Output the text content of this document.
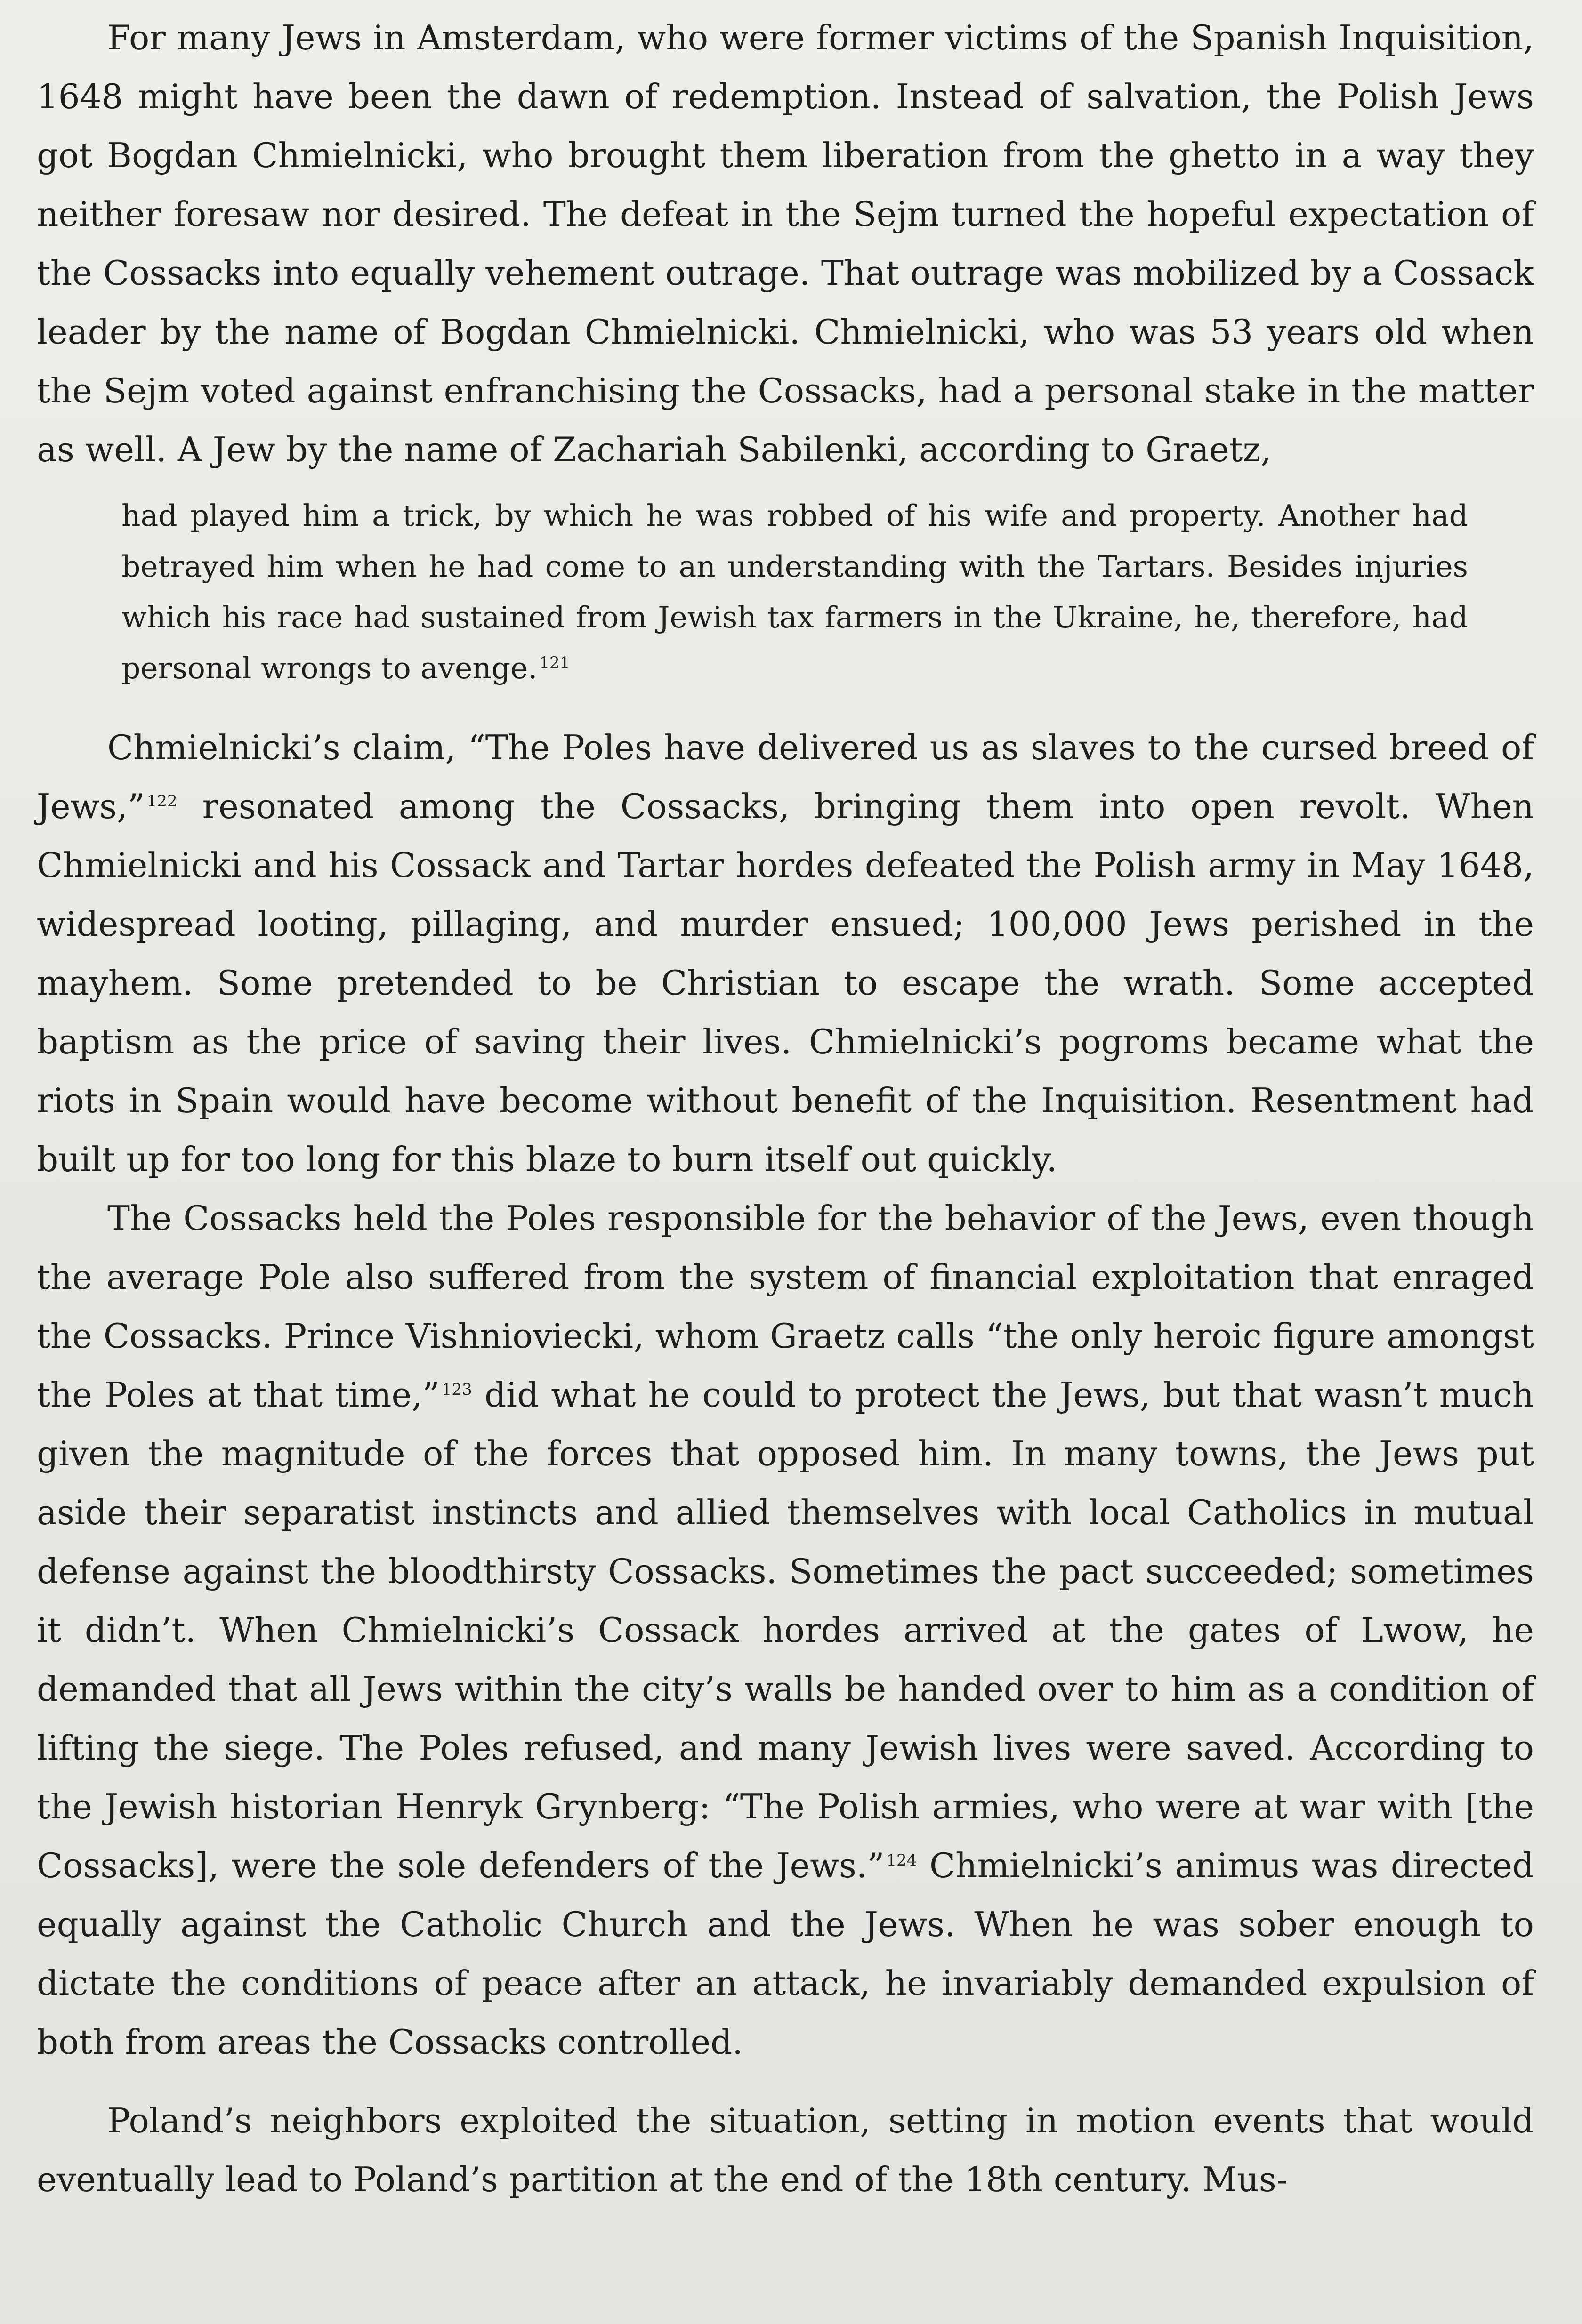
For many Jews in Amsterdam, who were former victims of the Spanish Inquisition, 1648 might have been the dawn of redemption. Instead of salvation, the Polish Jews got Bogdan Chmielnicki, who brought them liberation from the ghetto in a way they neither foresaw nor desired. The defeat in the Sejm turned the hopeful expectation of the Cossacks into equally vehement outrage. That outrage was mobilized by a Cossack leader by the name of Bogdan Chmielnicki. Chmielnicki, who was 53 years old when the Sejm voted against enfranchising the Cossacks, had a personal stake in the matter as well. A Jew by the name of Zachariah Sabilenki, according to Graetz,

had played him a trick, by which he was robbed of his wife and property. Another had betrayed him when he had come to an understanding with the Tartars. Besides injuries which his race had sustained from Jewish tax farmers in the Ukraine, he, therefore, had personal wrongs to avenge. $^{121}$

Chmielnicki’s claim, “The Poles have delivered us as slaves to the cursed breed of Jews,” $^{122}$ resonated among the Cossacks, bringing them into open revolt. When Chmielnicki and his Cossack and Tartar hordes defeated the Polish army in May 1648, widespread looting, pillaging, and murder ensued; 100,000 Jews perished in the mayhem. Some pretended to be Christian to escape the wrath. Some accepted baptism as the price of saving their lives. Chmielnicki’s pogroms became what the riots in Spain would have become without benefit of the Inquisition. Resentment had built up for too long for this blaze to burn itself out quickly.

The Cossacks held the Poles responsible for the behavior of the Jews, even though the average Pole also suffered from the system of financial exploitation that enraged the Cossacks. Prince Vishnioviecki, whom Graetz calls “the only heroic figure amongst the Poles at that time,” $^{123}$ did what he could to protect the Jews, but that wasn’t much given the magnitude of the forces that opposed him. In many towns, the Jews put aside their separatist instincts and allied themselves with local Catholics in mutual defense against the bloodthirsty Cossacks. Sometimes the pact succeeded; sometimes it didn’t. When Chmielnicki’s Cossack hordes arrived at the gates of Lwow, he demanded that all Jews within the city’s walls be handed over to him as a condition of lifting the siege. The Poles refused, and many Jewish lives were saved. According to the Jewish historian Henryk Grynberg: “The Polish armies, who were at war with [the Cossacks], were the sole defenders of the Jews.” $^{124}$ Chmielnicki’s animus was directed equally against the Catholic Church and the Jews. When he was sober enough to dictate the conditions of peace after an attack, he invariably demanded expulsion of both from areas the Cossacks controlled.

Poland’s neighbors exploited the situation, setting in motion events that would eventually lead to Poland’s partition at the end of the 18th century. Mus-
